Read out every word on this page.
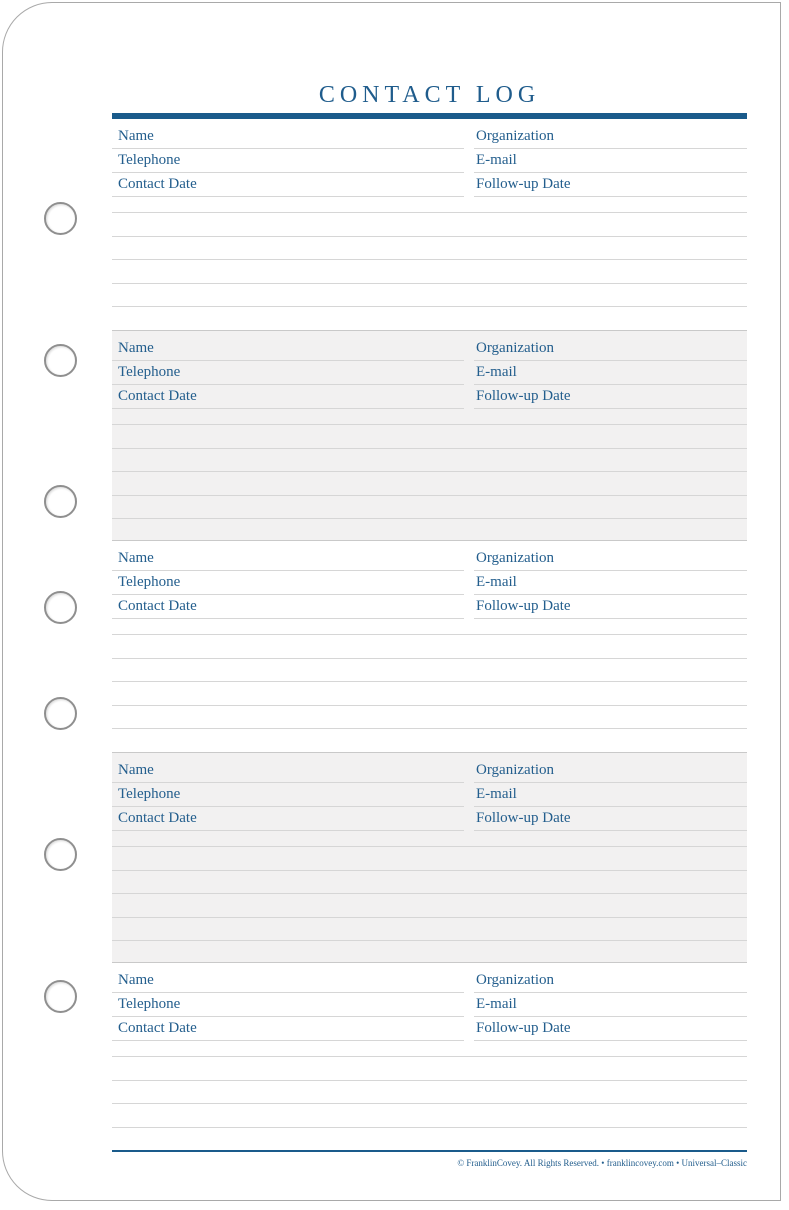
CONTACT LOG
Name	Organization
Telephone	E-mail
Contact Date	Follow-up Date
Name	Organization
Telephone	E-mail
Contact Date	Follow-up Date
Name	Organization
Telephone	E-mail
Contact Date	Follow-up Date
Name	Organization
Telephone	E-mail
Contact Date	Follow-up Date
Name	Organization
Telephone	E-mail
Contact Date	Follow-up Date
© FranklinCovey. All Rights Reserved. • franklincovey.com • Universal–Classic
